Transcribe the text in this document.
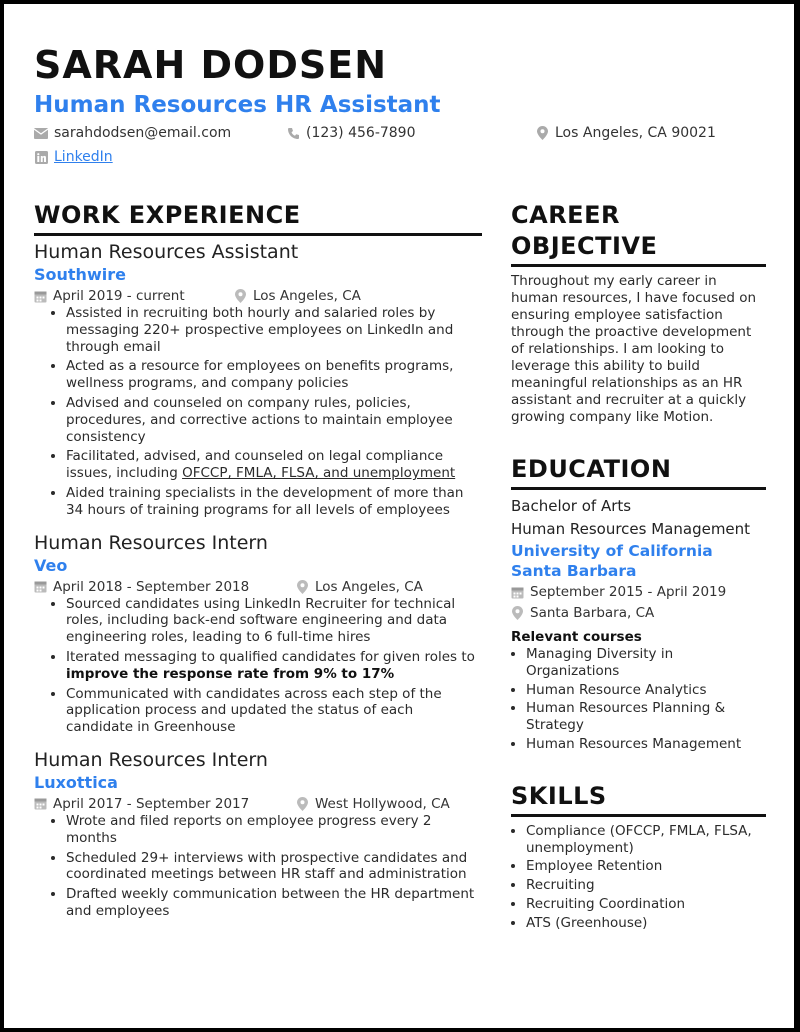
SARAH DODSEN
Human Resources HR Assistant
sarahdodsen@email.com	(123) 456-7890	Los Angeles, CA 90021
LinkedIn
WORK EXPERIENCE
Human Resources Assistant
Southwire
April 2019 - current	Los Angeles, CA
• Assisted in recruiting both hourly and salaried roles by messaging 220+ prospective employees on LinkedIn and through email
• Acted as a resource for employees on benefits programs, wellness programs, and company policies
• Advised and counseled on company rules, policies, procedures, and corrective actions to maintain employee consistency
• Facilitated, advised, and counseled on legal compliance issues, including OFCCP, FMLA, FLSA, and unemployment
• Aided training specialists in the development of more than 34 hours of training programs for all levels of employees
Human Resources Intern
Veo
April 2018 - September 2018	Los Angeles, CA
• Sourced candidates using LinkedIn Recruiter for technical roles, including back-end software engineering and data engineering roles, leading to 6 full-time hires
• Iterated messaging to qualified candidates for given roles to improve the response rate from 9% to 17%
• Communicated with candidates across each step of the application process and updated the status of each candidate in Greenhouse
Human Resources Intern
Luxottica
April 2017 - September 2017	West Hollywood, CA
• Wrote and filed reports on employee progress every 2 months
• Scheduled 29+ interviews with prospective candidates and coordinated meetings between HR staff and administration
• Drafted weekly communication between the HR department and employees
CAREER
OBJECTIVE
Throughout my early career in human resources, I have focused on ensuring employee satisfaction through the proactive development of relationships. I am looking to leverage this ability to build meaningful relationships as an HR assistant and recruiter at a quickly growing company like Motion.
EDUCATION
Bachelor of Arts
Human Resources Management
University of California Santa Barbara
September 2015 - April 2019
Santa Barbara, CA
Relevant courses
• Managing Diversity in Organizations
• Human Resource Analytics
• Human Resources Planning & Strategy
• Human Resources Management
SKILLS
• Compliance (OFCCP, FMLA, FLSA, unemployment)
• Employee Retention
• Recruiting
• Recruiting Coordination
• ATS (Greenhouse)
